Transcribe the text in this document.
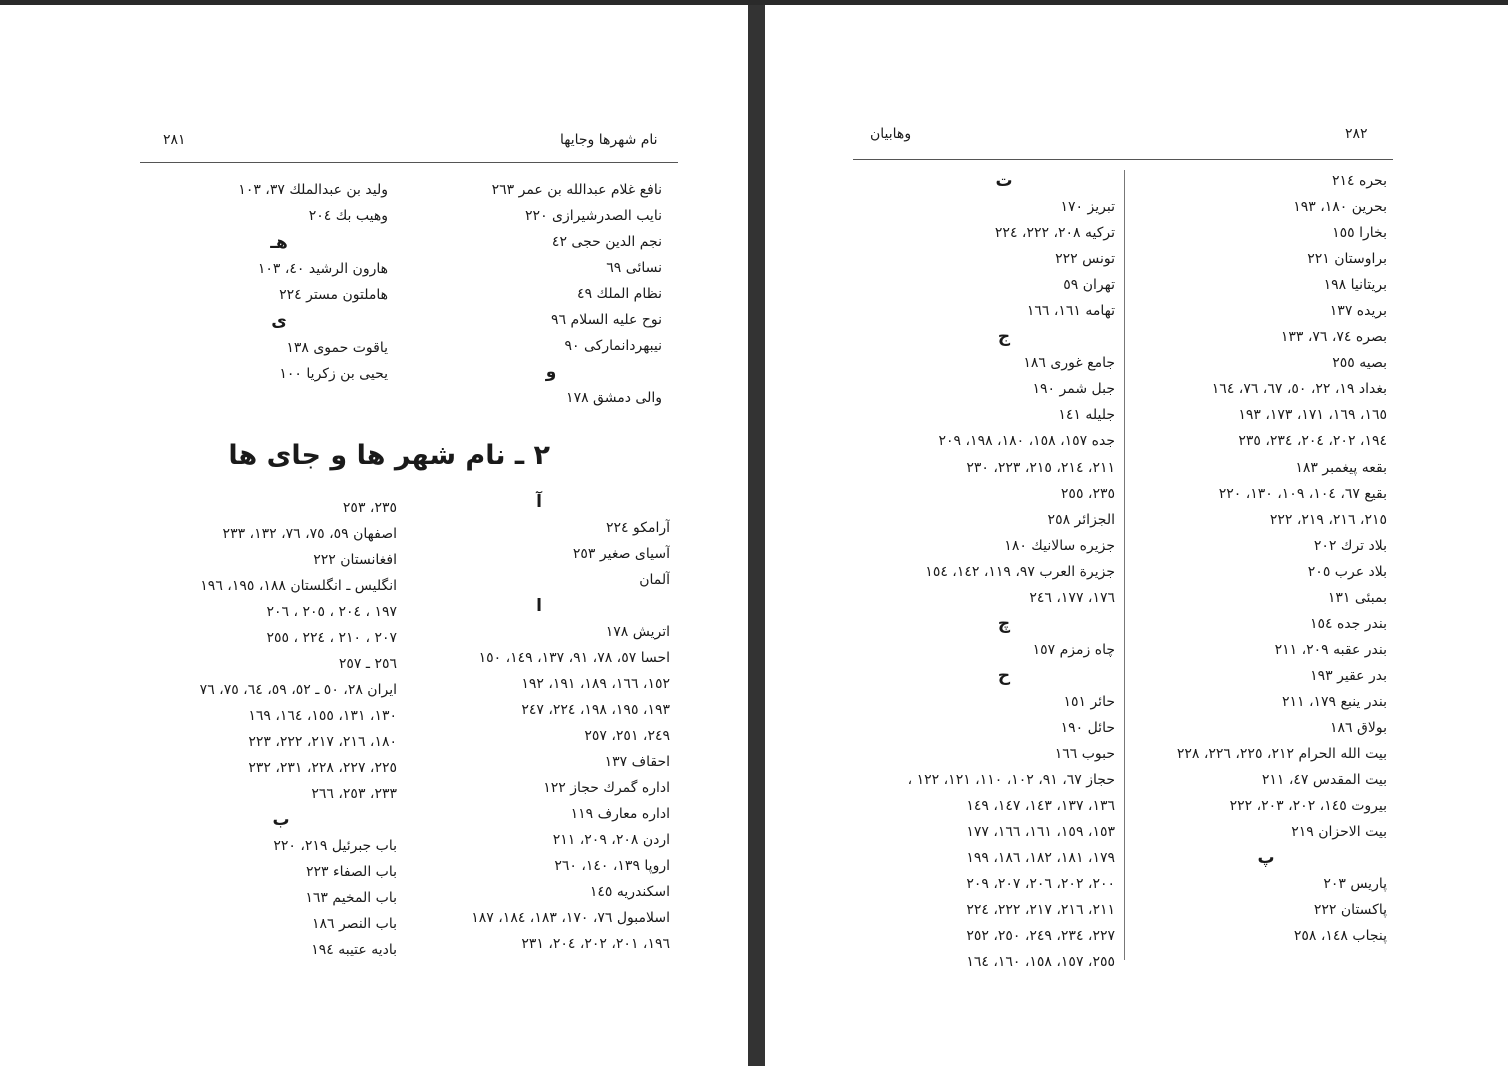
٢٨١	نام شهرها وجايها
نافع غلام عبدالله بن عمر ٢٦٣
نايب الصدرشيرازى ٢٢٠
نجم الدين حجى ٤٢
نسائى ٦٩
نظام الملك ٤٩
نوح عليه السلام ٩٦
نيبهردانماركى ٩٠
و
والى دمشق ١٧٨
وليد بن عبدالملك ٣٧، ١٠٣
وهيب بك ٢٠٤
هـ
هارون الرشيد ٤٠، ١٠٣
هاملتون مستر ٢٢٤
ى
ياقوت حموى ١٣٨
يحيى بن زكريا ١٠٠
٢ ـ نام شهر ها و جاى ها
آ
آرامكو ٢٢٤
آسياى صغير ٢٥٣
آلمان
ا
اتريش ١٧٨
احسا ٥٧، ٧٨، ٩١، ١٣٧، ١٤٩، ١٥٠
١٥٢، ١٦٦، ١٨٩، ١٩١، ١٩٢
١٩٣، ١٩٥، ١٩٨، ٢٢٤، ٢٤٧
٢٤٩، ٢٥١، ٢٥٧
احقاف ١٣٧
اداره گمرك حجاز ١٢٢
اداره معارف ١١٩
اردن ٢٠٨، ٢٠٩، ٢١١
اروپا ١٣٩، ١٤٠، ٢٦٠
اسكندريه ١٤٥
اسلامبول ٧٦، ١٧٠، ١٨٣، ١٨٤، ١٨٧
١٩٦، ٢٠١، ٢٠٢، ٢٠٤، ٢٣١
٢٣٥، ٢٥٣
اصفهان ٥٩، ٧٥، ٧٦، ١٣٢، ٢٣٣
افغانستان ٢٢٢
انگليس ـ انگلستان ١٨٨، ١٩٥، ١٩٦
١٩٧ ، ٢٠٤ ، ٢٠٥ ، ٢٠٦
٢٠٧ ، ٢١٠ ، ٢٢٤ ، ٢٥٥
٢٥٦ ـ ٢٥٧
ايران ٢٨، ٥٠ ـ ٥٢، ٥٩، ٦٤، ٧٥، ٧٦
١٣٠، ١٣١، ١٥٥، ١٦٤، ١٦٩
١٨٠، ٢١٦، ٢١٧، ٢٢٢، ٢٢٣
٢٢٥، ٢٢٧، ٢٢٨، ٢٣١، ٢٣٢
٢٣٣، ٢٥٣، ٢٦٦
ب
باب جبرئيل ٢١٩، ٢٢٠
باب الصفاء ٢٢٣
باب المخيم ١٦٣
باب النصر ١٨٦
باديه عتيبه ١٩٤
وهابيان	٢٨٢
بحره ٢١٤
بحرين ١٨٠، ١٩٣
بخارا ١٥٥
براوستان ٢٢١
بريتانيا ١٩٨
بريده ١٣٧
بصره ٧٤، ٧٦، ١٣٣
بصيه ٢٥٥
بغداد ١٩، ٢٢، ٥٠، ٦٧، ٧٦، ١٦٤
١٦٥، ١٦٩، ١٧١، ١٧٣، ١٩٣
١٩٤، ٢٠٢، ٢٠٤، ٢٣٤، ٢٣٥
بقعه پيغمبر ١٨٣
بقيع ٦٧، ١٠٤، ١٠٩، ١٣٠، ٢٢٠
٢١٥، ٢١٦، ٢١٩، ٢٢٢
بلاد ترك ٢٠٢
بلاد عرب ٢٠٥
بمبئى ١٣١
بندر جده ١٥٤
بندر عقبه ٢٠٩، ٢١١
بدر عقير ١٩٣
بندر ينبع ١٧٩، ٢١١
بولاق ١٨٦
بيت الله الحرام ٢١٢، ٢٢٥، ٢٢٦، ٢٢٨
بيت المقدس ٤٧، ٢١١
بيروت ١٤٥، ٢٠٢، ٢٠٣، ٢٢٢
بيت الاحزان ٢١٩
پ
پاريس ٢٠٣
پاكستان ٢٢٢
پنجاب ١٤٨، ٢٥٨
ت
تبريز ١٧٠
تركيه ٢٠٨، ٢٢٢، ٢٢٤
تونس ٢٢٢
تهران ٥٩
تهامه ١٦١، ١٦٦
ج
جامع غورى ١٨٦
جبل شمر ١٩٠
جليله ١٤١
جده ١٥٧، ١٥٨، ١٨٠، ١٩٨، ٢٠٩
٢١١، ٢١٤، ٢١٥، ٢٢٣، ٢٣٠
٢٣٥، ٢٥٥
الجزائر ٢٥٨
جزيره سالانيك ١٨٠
جزيرة العرب ٩٧، ١١٩، ١٤٢، ١٥٤
١٧٦، ١٧٧، ٢٤٦
چ
چاه زمزم ١٥٧
ح
حائر ١٥١
حائل ١٩٠
حبوب ١٦٦
حجاز ٦٧، ٩١، ١٠٢، ١١٠، ١٢١، ١٢٢ ،
١٣٦، ١٣٧، ١٤٣، ١٤٧، ١٤٩
١٥٣، ١٥٩، ١٦١، ١٦٦، ١٧٧
١٧٩، ١٨١، ١٨٢، ١٨٦، ١٩٩
٢٠٠، ٢٠٢، ٢٠٦، ٢٠٧، ٢٠٩
٢١١، ٢١٦، ٢١٧، ٢٢٢، ٢٢٤
٢٢٧، ٢٣٤، ٢٤٩، ٢٥٠، ٢٥٢
٢٥٥، ١٥٧، ١٥٨، ١٦٠، ١٦٤
